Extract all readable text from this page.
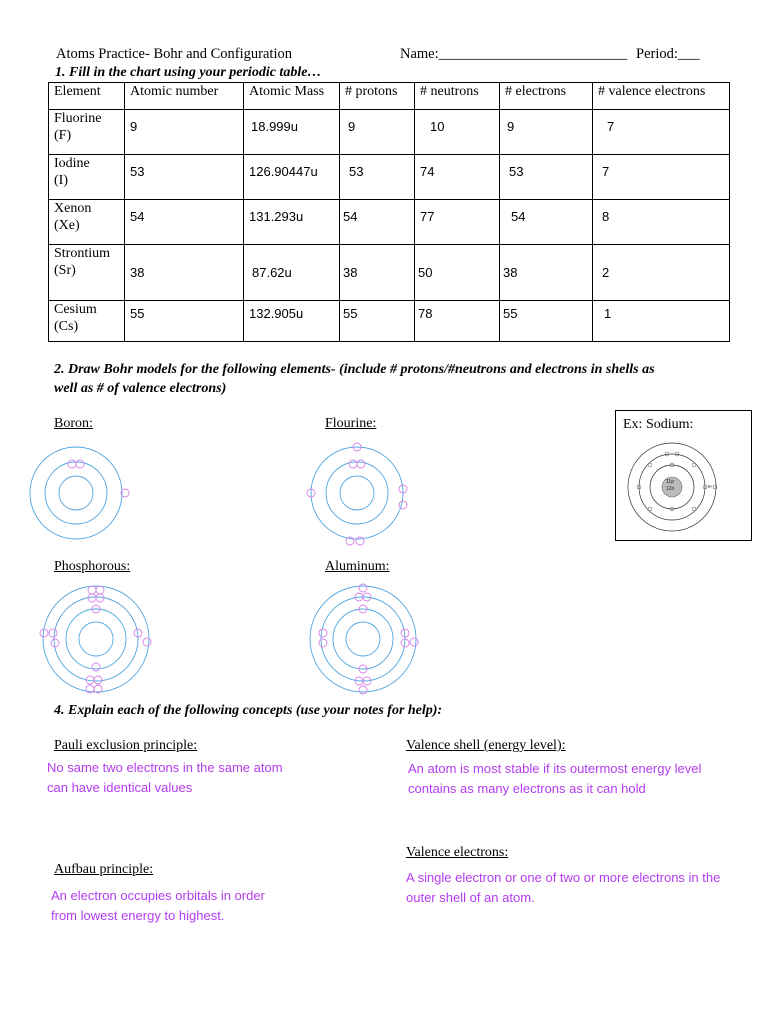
Atoms Practice- Bohr and Configuration	Name:__________________________ Period:___
1. Fill in the chart using your periodic table…
Element	Atomic number	Atomic Mass	# protons	# neutrons	# electrons	# valence electrons
Fluorine
(F)	9	18.999u	9	10	9	7
Iodine
(I)	53	126.90447u	53	74	53	7
Xenon
(Xe)	54	131.293u	54	77	54	8
Strontium
(Sr)	38	87.62u	38	50	38	2
Cesium
(Cs)	55	132.905u	55	78	55	1
2. Draw Bohr models for the following elements- (include # protons/#neutrons and electrons in shells as
well as # of valence electrons)
Boron:	Flourine:
Phosphorous:	Aluminum:
Ex: Sodium:
11p
12n	e-
4. Explain each of the following concepts (use your notes for help):
Pauli exclusion principle:
No same two electrons in the same atom
can have identical values
Valence shell (energy level):
An atom is most stable if its outermost energy level
contains as many electrons as it can hold
Aufbau principle:
An electron occupies orbitals in order
from lowest energy to highest.
Valence electrons:
A single electron or one of two or more electrons in the
outer shell of an atom.
